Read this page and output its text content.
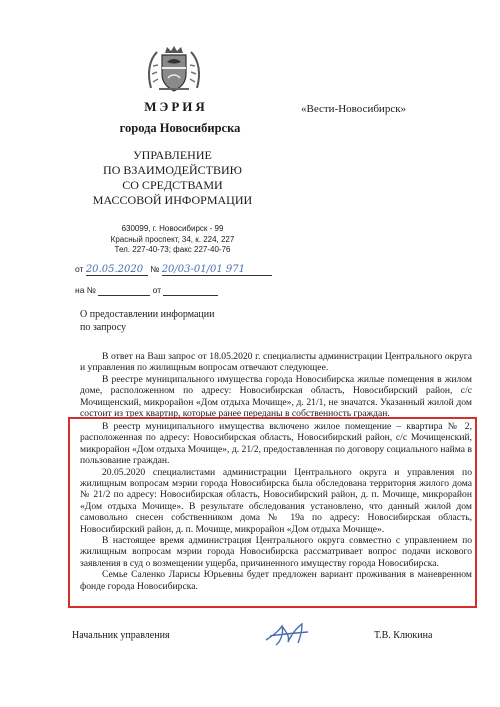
МЭРИЯ
города Новосибирска
УПРАВЛЕНИЕ
ПО ВЗАИМОДЕЙСТВИЮ
СО СРЕДСТВАМИ
МАССОВОЙ ИНФОРМАЦИИ
630099, г. Новосибирск - 99
Красный проспект, 34, к. 224, 227
Тел. 227-40-73; факс 227-40-76
«Вести-Новосибирск»
от 20.05.2020 № 20/03-01/01 971
на №	от
О предоставлении информации
по запросу

В ответ на Ваш запрос от 18.05.2020 г. специалисты администрации Центрального округа и управления по жилищным вопросам отвечают следующее.

В реестре муниципального имущества города Новосибирска жилые помещения в жилом доме, расположенном по адресу: Новосибирская область, Новосибирский район, с/с Мочищенский, микрорайон «Дом отдыха Мочище», д. 21/1, не значатся. Указанный жилой дом состоит из трех квартир, которые ранее переданы в собственность граждан.

В реестр муниципального имущества включено жилое помещение – квартира № 2, расположенная по адресу: Новосибирская область, Новосибирский район, с/с Мочищенский, микрорайон «Дом отдыха Мочище», д. 21/2, предоставленная по договору социального найма в пользование граждан.

20.05.2020 специалистами администрации Центрального округа и управления по жилищным вопросам мэрии города Новосибирска была обследована территория жилого дома № 21/2 по адресу: Новосибирская область, Новосибирский район, д. п. Мочище, микрорайон «Дом отдыха Мочище». В результате обследования установлено, что данный жилой дом самовольно снесен собственником дома № 19а по адресу: Новосибирская область, Новосибирский район, д. п. Мочище, микрорайон «Дом отдыха Мочище».

В настоящее время администрация Центрального округа совместно с управлением по жилищным вопросам мэрии города Новосибирска рассматривает вопрос подачи искового заявления в суд о возмещении ущерба, причиненного имуществу города Новосибирска.

Семье Саленко Ларисы Юрьевны будет предложен вариант проживания в маневренном фонде города Новосибирска.

Начальник управления	Т.В. Клюкина
